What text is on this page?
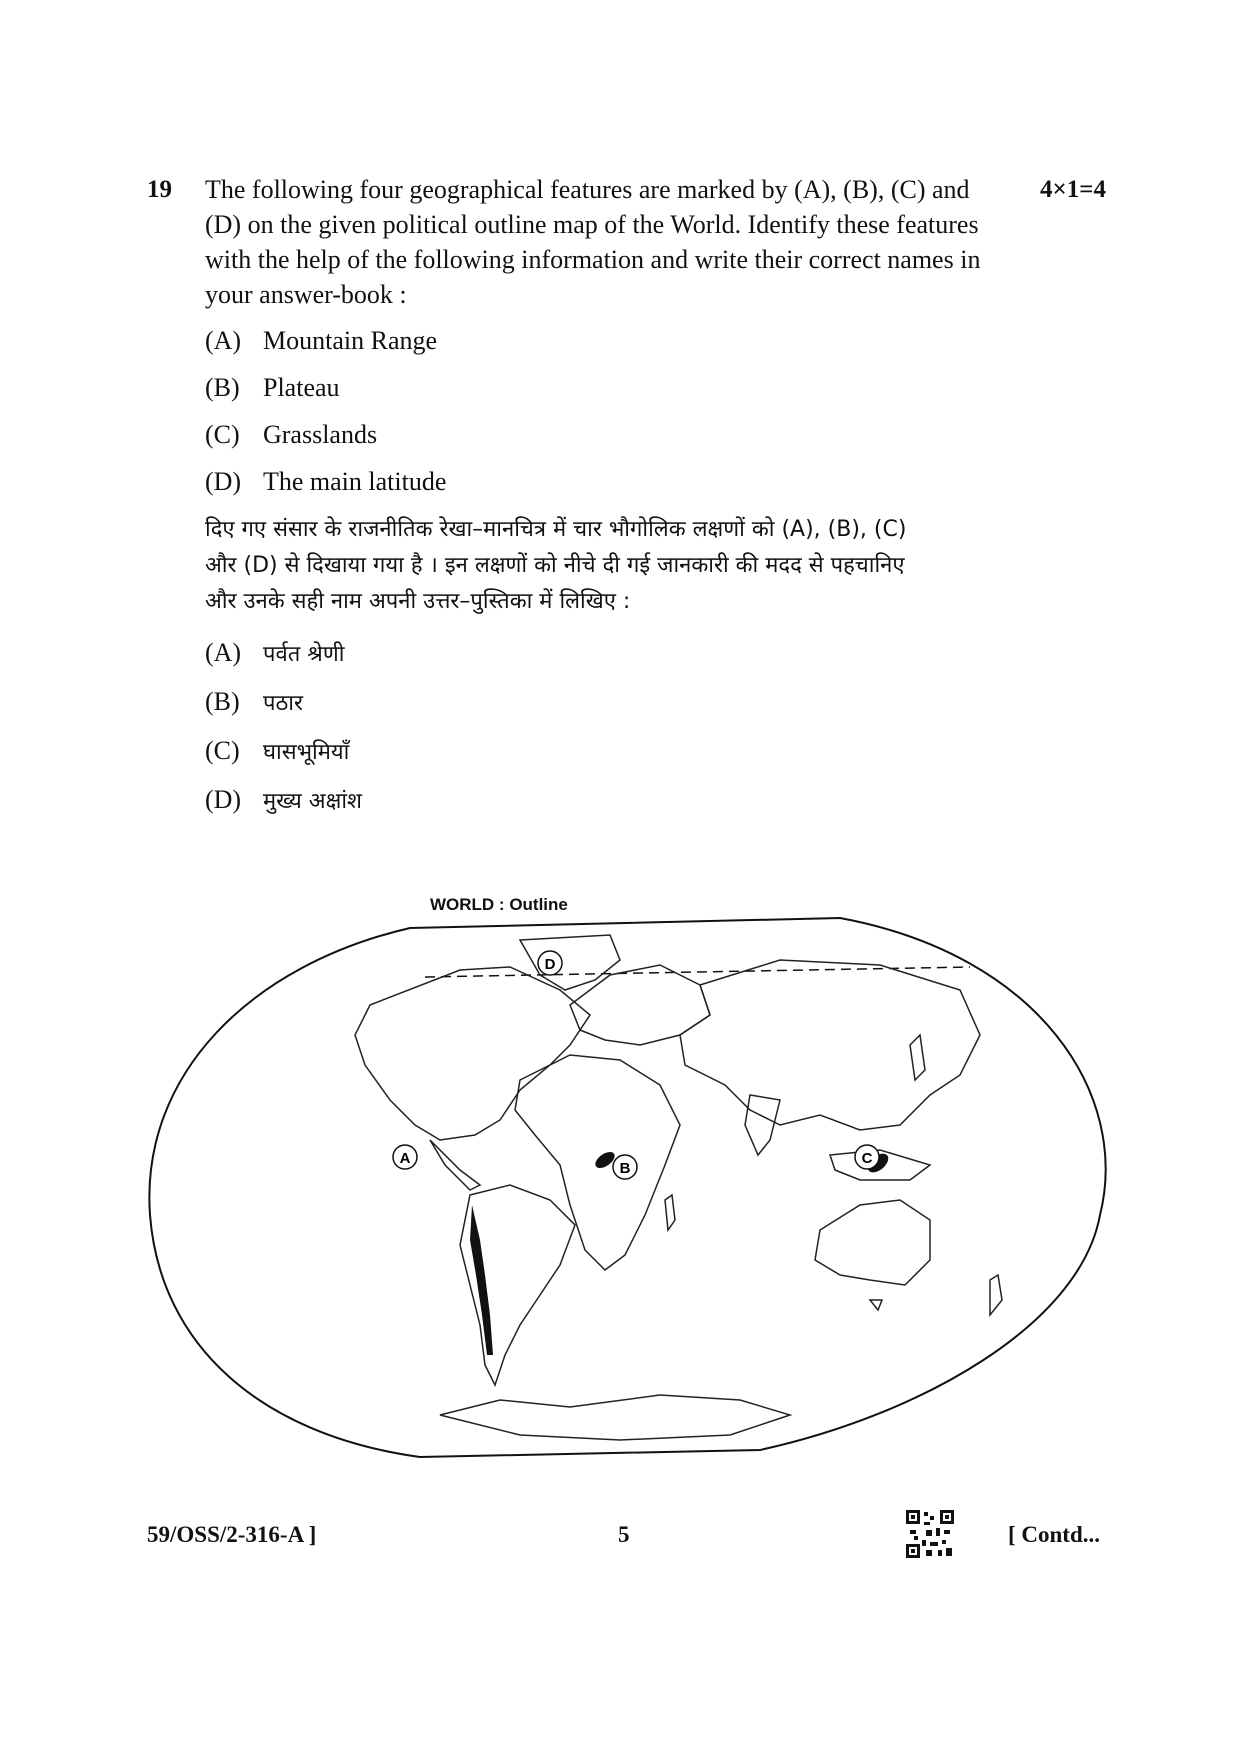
19	4×1=4
The following four geographical features are marked by (A), (B), (C) and
(D) on the given political outline map of the World. Identify these features
with the help of the following information and write their correct names in
your answer-book :
(A) Mountain Range
(B) Plateau
(C) Grasslands
(D) The main latitude
दिए गए संसार के राजनीतिक रेखा–मानचित्र में चार भौगोलिक लक्षणों को (A), (B), (C)
और (D) से दिखाया गया है । इन लक्षणों को नीचे दी गई जानकारी की मदद से पहचानिए
और उनके सही नाम अपनी उत्तर–पुस्तिका में लिखिए :
(A) पर्वत श्रेणी
(B) पठार
(C) घासभूमियाँ
(D) मुख्य अक्षांश
WORLD : Outline
A
B
C
D
59/OSS/2-316-A ]	5	[ Contd...
